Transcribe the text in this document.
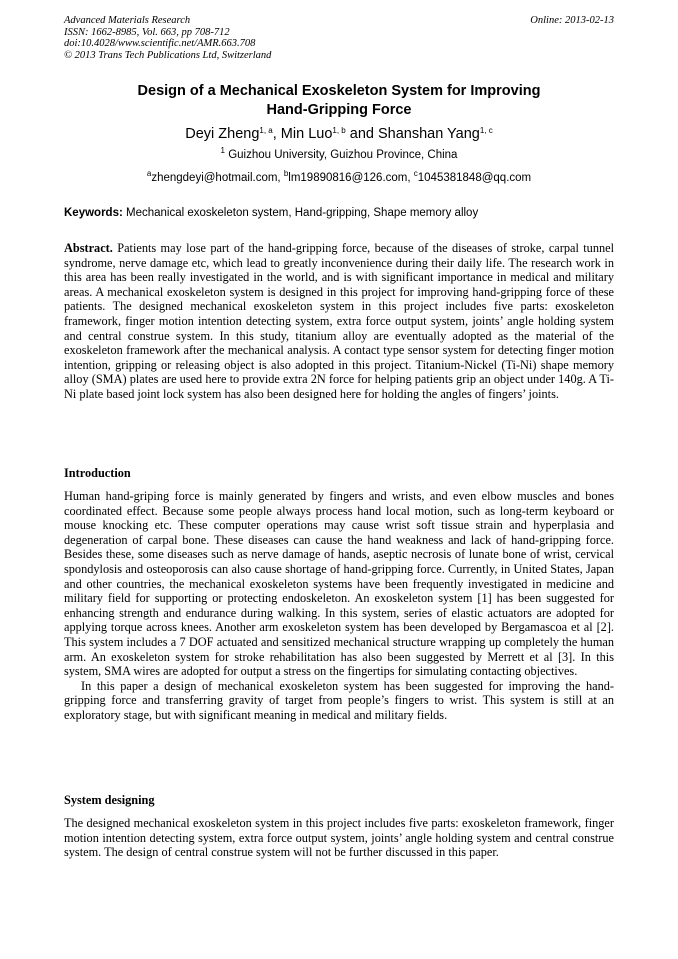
Advanced Materials Research
ISSN: 1662-8985, Vol. 663, pp 708-712
doi:10.4028/www.scientific.net/AMR.663.708
© 2013 Trans Tech Publications Ltd, Switzerland
Online: 2013-02-13
Design of a Mechanical Exoskeleton System for Improving
Hand-Gripping Force
Deyi Zheng$^{1, a}$, Min Luo$^{1, b}$ and Shanshan Yang$^{1, c}$
$^1$ Guizhou University, Guizhou Province, China
$^a$zhengdeyi@hotmail.com, $^b$lm19890816@126.com, $^c$1045381848@qq.com
Keywords: Mechanical exoskeleton system, Hand-gripping, Shape memory alloy

Abstract. Patients may lose part of the hand-gripping force, because of the diseases of stroke, carpal tunnel syndrome, nerve damage etc, which lead to greatly inconvenience during their daily life. The research work in this area has been really investigated in the world, and is with significant importance in medical and military areas. A mechanical exoskeleton system is designed in this project for improving hand-gripping force of these patients. The designed mechanical exoskeleton system in this project includes five parts: exoskeleton framework, finger motion intention detecting system, extra force output system, joints’ angle holding system and central construe system. In this study, titanium alloy are eventually adopted as the material of the exoskeleton framework after the mechanical analysis. A contact type sensor system for detecting finger motion intention, gripping or releasing object is also adopted in this project. Titanium-Nickel (Ti-Ni) shape memory alloy (SMA) plates are used here to provide extra 2N force for helping patients grip an object under 140g. A Ti-Ni plate based joint lock system has also been designed here for holding the angles of fingers’ joints.

Introduction

Human hand-griping force is mainly generated by fingers and wrists, and even elbow muscles and bones coordinated effect. Because some people always process hand local motion, such as long-term keyboard or mouse knocking etc. These computer operations may cause wrist soft tissue strain and hyperplasia and degeneration of carpal bone. These diseases can cause the hand weakness and lack of hand-gripping force. Besides these, some diseases such as nerve damage of hands, aseptic necrosis of lunate bone of wrist, cervical spondylosis and osteoporosis can also cause shortage of hand-gripping force. Currently, in United States, Japan and other countries, the mechanical exoskeleton systems have been frequently investigated in medicine and military field for supporting or protecting endoskeleton. An exoskeleton system [1] has been suggested for enhancing strength and endurance during walking. In this system, series of elastic actuators are adopted for applying torque across knees. Another arm exoskeleton system has been developed by Bergamascoa et al [2]. This system includes a 7 DOF actuated and sensitized mechanical structure wrapping up completely the human arm. An exoskeleton system for stroke rehabilitation has also been suggested by Merrett et al [3]. In this system, SMA wires are adopted for output a stress on the fingertips for simulating contacting objectives.

In this paper a design of mechanical exoskeleton system has been suggested for improving the hand-gripping force and transferring gravity of target from people’s fingers to wrist. This system is still at an exploratory stage, but with significant meaning in medical and military fields.

System designing

The designed mechanical exoskeleton system in this project includes five parts: exoskeleton framework, finger motion intention detecting system, extra force output system, joints’ angle holding system and central construe system. The design of central construe system will not be further discussed in this paper.
